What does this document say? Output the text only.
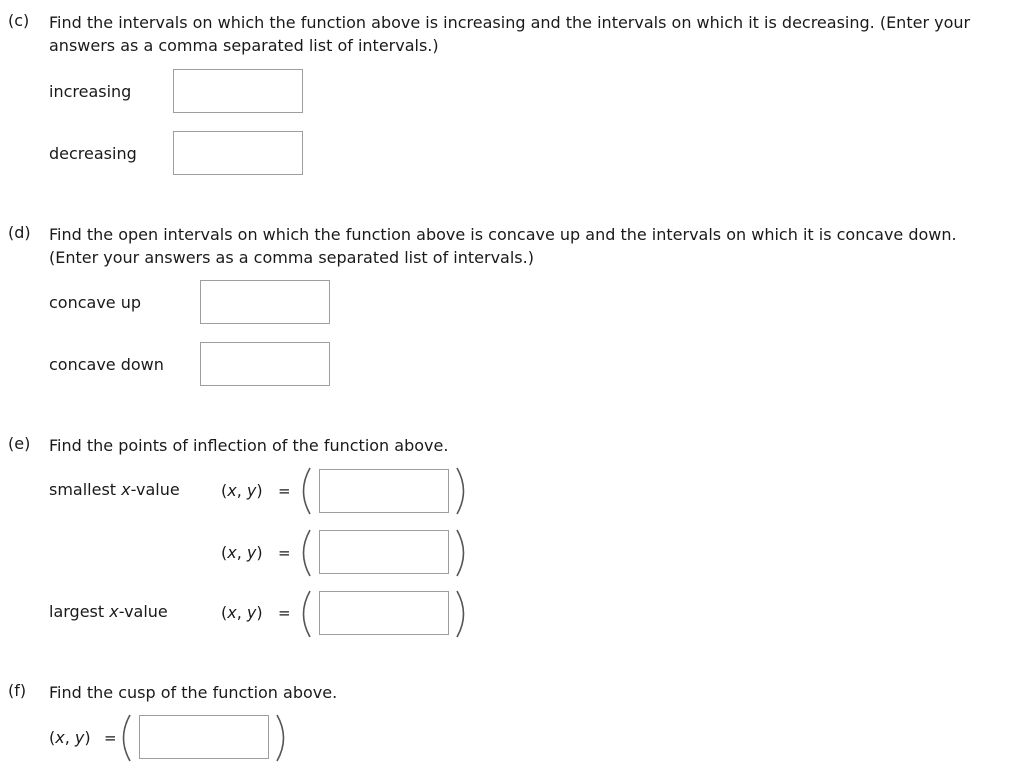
(c) Find the intervals on which the function above is increasing and the intervals on which it is decreasing. (Enter your
answers as a comma separated list of intervals.)
increasing
decreasing
(d) Find the open intervals on which the function above is concave up and the intervals on which it is concave down.
(Enter your answers as a comma separated list of intervals.)
concave up
concave down
(e) Find the points of inflection of the function above.
smallest x-value	(x, y) =
(x, y) =
largest x-value	(x, y) =
(f) Find the cusp of the function above.
(x, y) =
